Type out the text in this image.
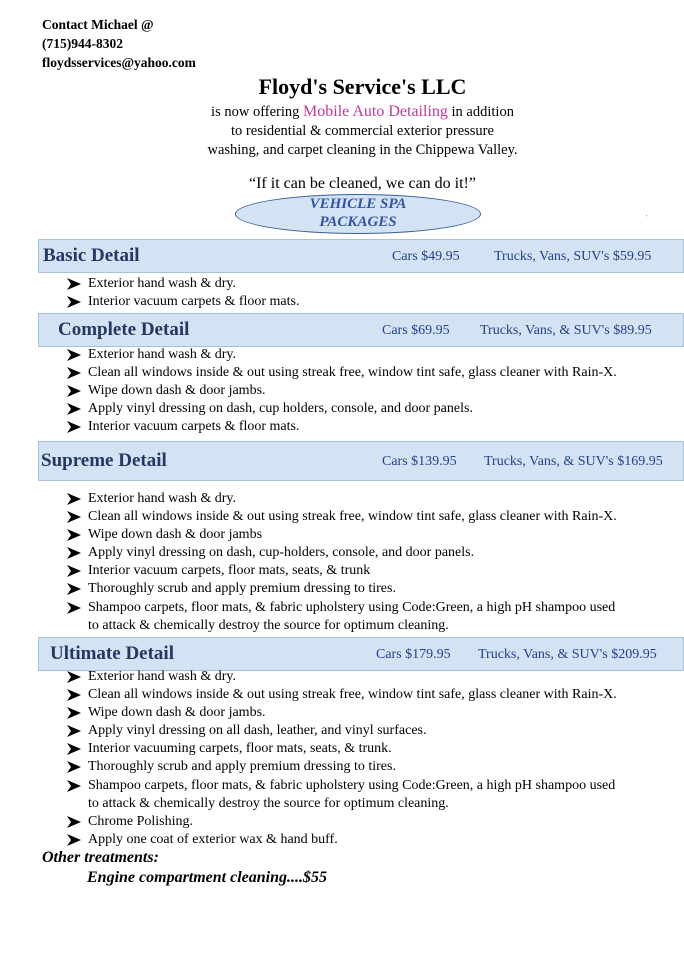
Contact Michael @
(715)944-8302
floydsservices@yahoo.com
Floyd's Service's LLC
is now offering Mobile Auto Detailing in addition
to residential & commercial exterior pressure
washing, and carpet cleaning in the Chippewa Valley.
“If it can be cleaned, we can do it!”
VEHICLE SPA
PACKAGES
ˎ
Basic Detail	Cars $49.95 Trucks, Vans, SUV's $59.95
Exterior hand wash & dry.
Interior vacuum carpets & floor mats.
Complete Detail	Cars $69.95 Trucks, Vans, & SUV's $89.95
Exterior hand wash & dry.
Clean all windows inside & out using streak free, window tint safe, glass cleaner with Rain-X.
Wipe down dash & door jambs.
Apply vinyl dressing on dash, cup holders, console, and door panels.
Interior vacuum carpets & floor mats.
Supreme Detail	Cars $139.95 Trucks, Vans, & SUV's $169.95
Exterior hand wash & dry.
Clean all windows inside & out using streak free, window tint safe, glass cleaner with Rain-X.
Wipe down dash & door jambs
Apply vinyl dressing on dash, cup-holders, console, and door panels.
Interior vacuum carpets, floor mats, seats, & trunk
Thoroughly scrub and apply premium dressing to tires.
Shampoo carpets, floor mats, & fabric upholstery using Code:Green, a high pH shampoo used
to attack & chemically destroy the source for optimum cleaning.
Ultimate Detail	Cars $179.95 Trucks, Vans, & SUV's $209.95
Exterior hand wash & dry.
Clean all windows inside & out using streak free, window tint safe, glass cleaner with Rain-X.
Wipe down dash & door jambs.
Apply vinyl dressing on all dash, leather, and vinyl surfaces.
Interior vacuuming carpets, floor mats, seats, & trunk.
Thoroughly scrub and apply premium dressing to tires.
Shampoo carpets, floor mats, & fabric upholstery using Code:Green, a high pH shampoo used
to attack & chemically destroy the source for optimum cleaning.
Chrome Polishing.
Apply one coat of exterior wax & hand buff.
Other treatments:
Engine compartment cleaning....$55
